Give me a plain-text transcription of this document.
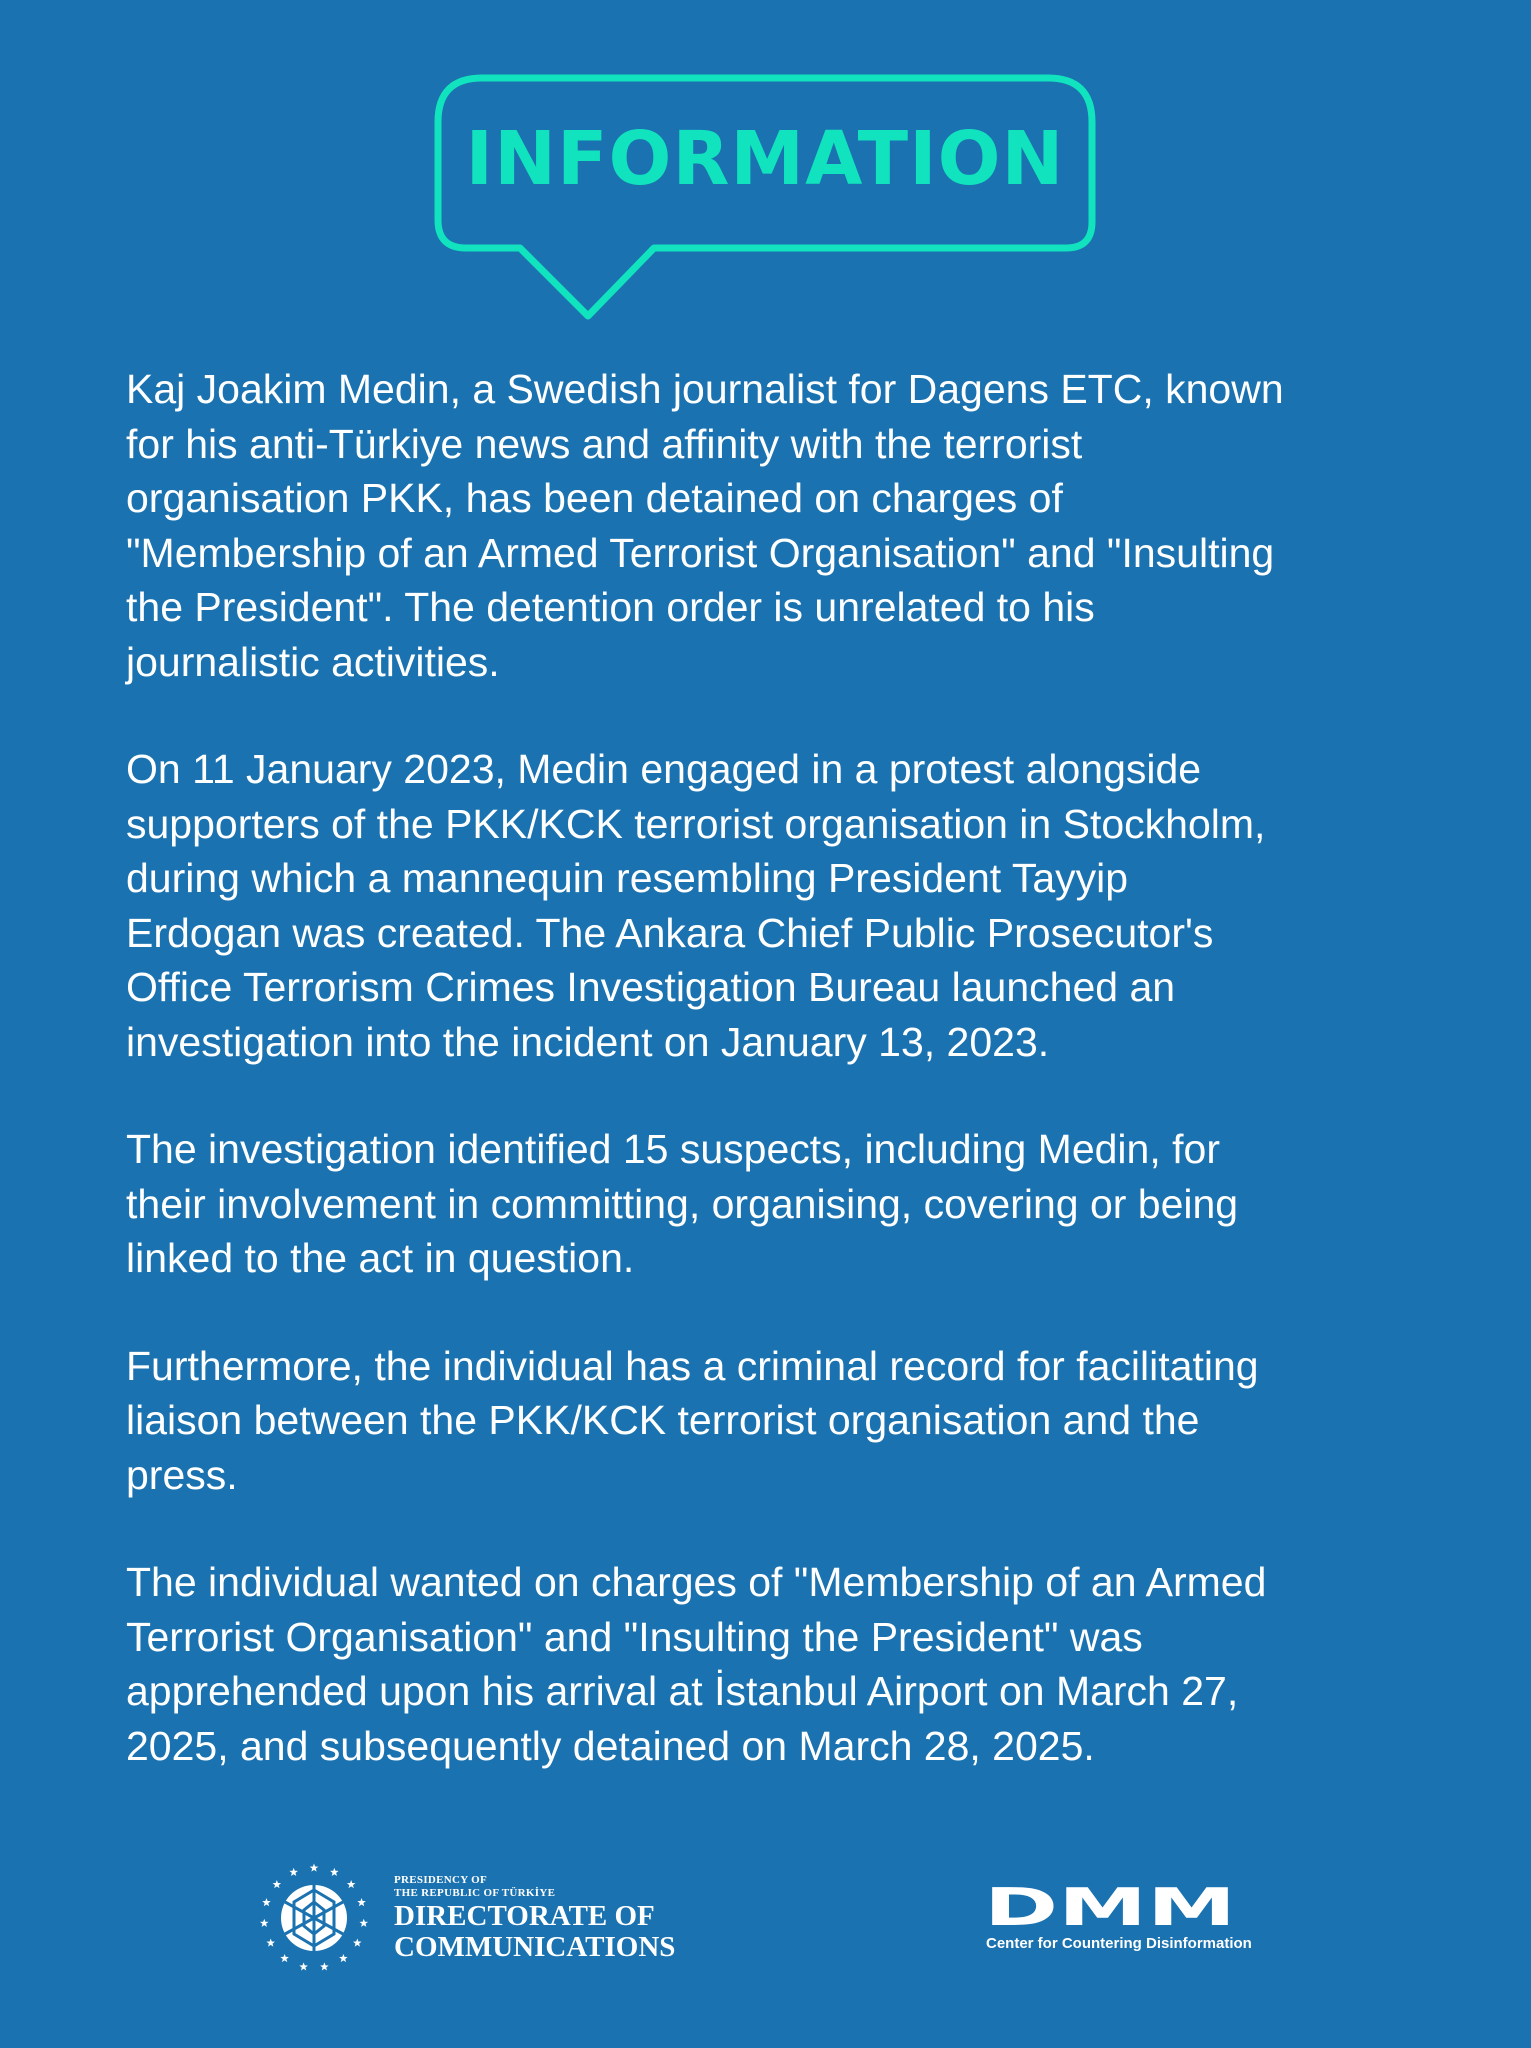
INFORMATION

Kaj Joakim Medin, a Swedish journalist for Dagens ETC, known
for his anti-Türkiye news and affinity with the terrorist
organisation PKK, has been detained on charges of
"Membership of an Armed Terrorist Organisation" and "Insulting
the President". The detention order is unrelated to his
journalistic activities.

On 11 January 2023, Medin engaged in a protest alongside
supporters of the PKK/KCK terrorist organisation in Stockholm,
during which a mannequin resembling President Tayyip
Erdogan was created. The Ankara Chief Public Prosecutor's
Office Terrorism Crimes Investigation Bureau launched an
investigation into the incident on January 13, 2023.

The investigation identified 15 suspects, including Medin, for
their involvement in committing, organising, covering or being
linked to the act in question.

Furthermore, the individual has a criminal record for facilitating
liaison between the PKK/KCK terrorist organisation and the
press.

The individual wanted on charges of "Membership of an Armed
Terrorist Organisation" and "Insulting the President" was
apprehended upon his arrival at İstanbul Airport on March 27,
2025, and subsequently detained on March 28, 2025.

PRESIDENCY OF
THE REPUBLIC OF TÜRKİYE
DIRECTORATE OF
COMMUNICATIONS
DMM
Center for Countering Disinformation
